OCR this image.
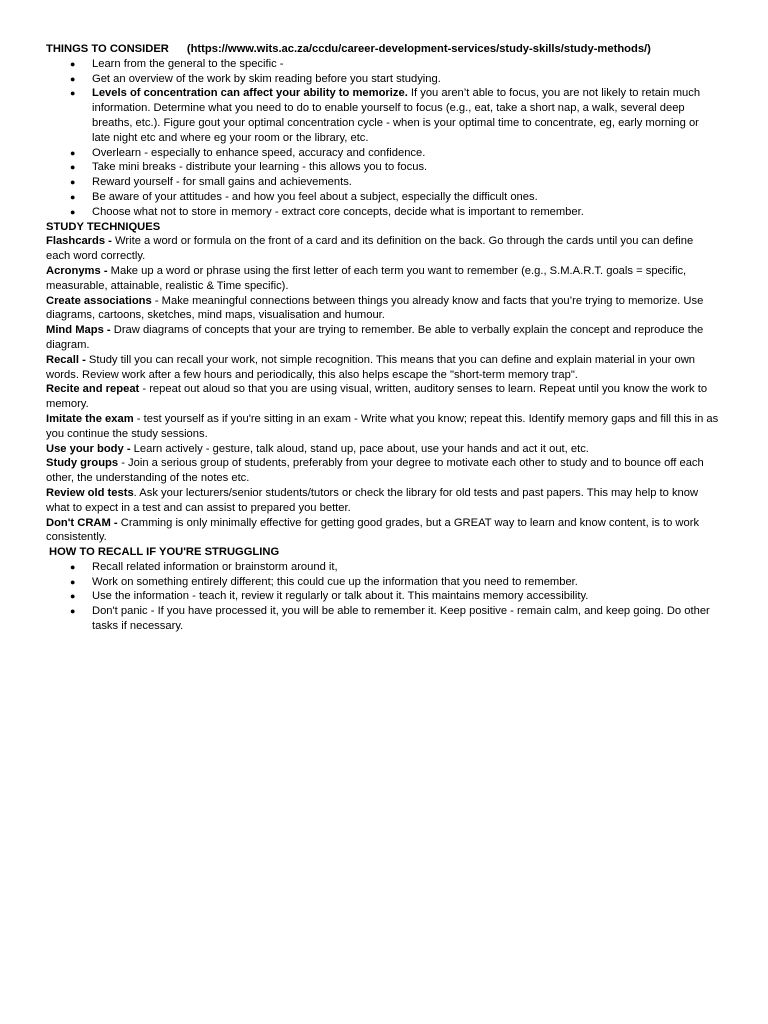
THINGS TO CONSIDER (https://www.wits.ac.za/ccdu/career-development-services/study-skills/study-methods/)
● Learn from the general to the specific -
● Get an overview of the work by skim reading before you start studying.
● Levels of concentration can affect your ability to memorize. If you aren’t able to focus, you are not likely to retain much information. Determine what you need to do to enable yourself to focus (e.g., eat, take a short nap, a walk, several deep breaths, etc.). Figure gout your optimal concentration cycle - when is your optimal time to concentrate, eg, early morning or late night etc and where eg your room or the library, etc.
● Overlearn - especially to enhance speed, accuracy and confidence.
● Take mini breaks - distribute your learning - this allows you to focus.
● Reward yourself - for small gains and achievements.
● Be aware of your attitudes - and how you feel about a subject, especially the difficult ones.
● Choose what not to store in memory - extract core concepts, decide what is important to remember.
STUDY TECHNIQUES

Flashcards - Write a word or formula on the front of a card and its definition on the back. Go through the cards until you can define each word correctly.

Acronyms - Make up a word or phrase using the first letter of each term you want to remember (e.g., S.M.A.R.T. goals = specific, measurable, attainable, realistic & Time specific).

Create associations - Make meaningful connections between things you already know and facts that you’re trying to memorize. Use diagrams, cartoons, sketches, mind maps, visualisation and humour.

Mind Maps - Draw diagrams of concepts that your are trying to remember. Be able to verbally explain the concept and reproduce the diagram.

Recall - Study till you can recall your work, not simple recognition. This means that you can define and explain material in your own words. Review work after a few hours and periodically, this also helps escape the "short-term memory trap".

Recite and repeat - repeat out aloud so that you are using visual, written, auditory senses to learn. Repeat until you know the work to memory.

Imitate the exam - test yourself as if you're sitting in an exam - Write what you know; repeat this. Identify memory gaps and fill this in as you continue the study sessions.

Use your body - Learn actively - gesture, talk aloud, stand up, pace about, use your hands and act it out, etc.

Study groups - Join a serious group of students, preferably from your degree to motivate each other to study and to bounce off each other, the understanding of the notes etc.

Review old tests. Ask your lecturers/senior students/tutors or check the library for old tests and past papers. This may help to know what to expect in a test and can assist to prepared you better.

Don't CRAM - Cramming is only minimally effective for getting good grades, but a GREAT way to learn and know content, is to work consistently.

HOW TO RECALL IF YOU'RE STRUGGLING
● Recall related information or brainstorm around it,
● Work on something entirely different; this could cue up the information that you need to remember.
● Use the information - teach it, review it regularly or talk about it. This maintains memory accessibility.
● Don't panic - If you have processed it, you will be able to remember it. Keep positive - remain calm, and keep going. Do other tasks if necessary.
